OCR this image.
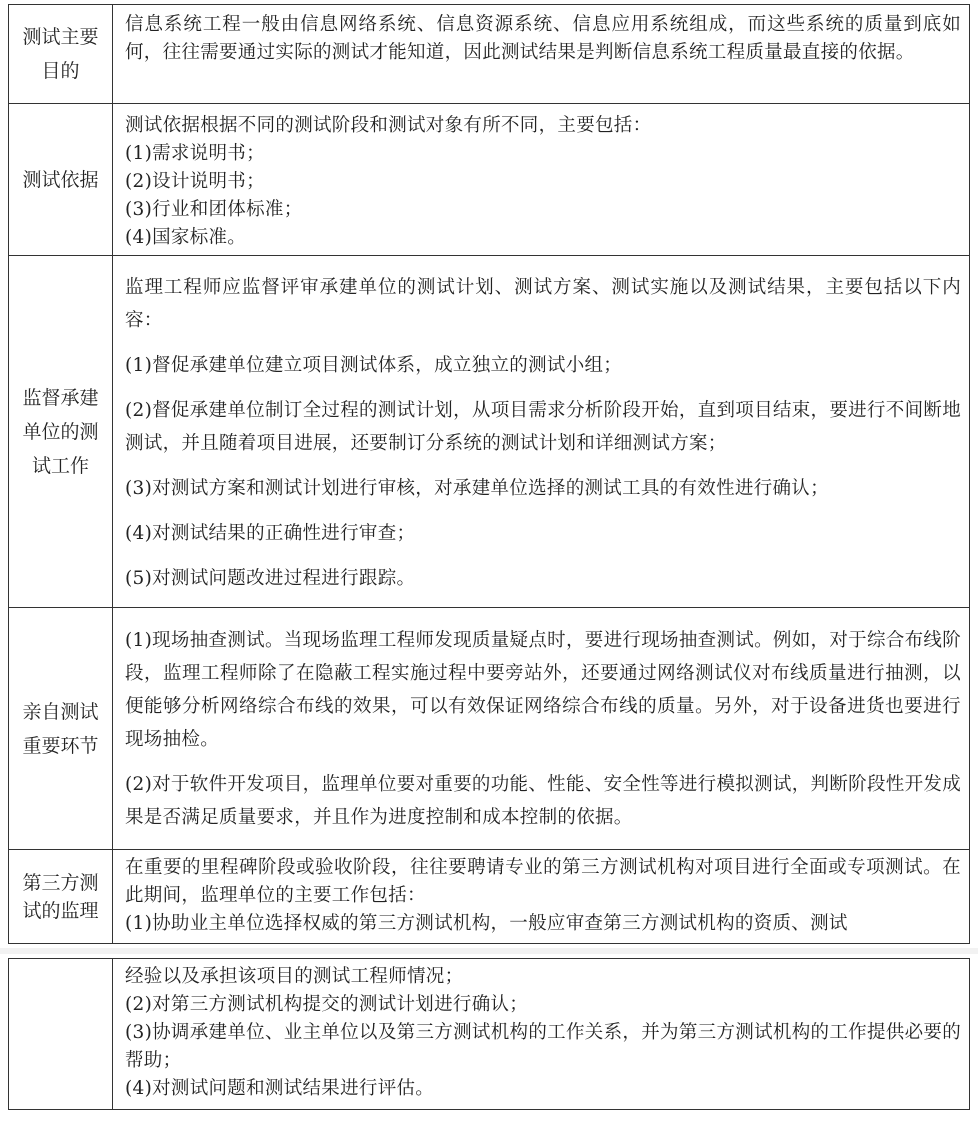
测试主要目的

信息系统工程一般由信息网络系统、信息资源系统、信息应用系统组成，而这些系统的质量到底如何，往往需要通过实际的测试才能知道，因此测试结果是判断信息系统工程质量最直接的依据。

测试依据

测试依据根据不同的测试阶段和测试对象有所不同，主要包括：

(1)需求说明书；

(2)设计说明书；

(3)行业和团体标准；

(4)国家标准。

监督承建单位的测试工作

监理工程师应监督评审承建单位的测试计划、测试方案、测试实施以及测试结果，主要包括以下内容：

(1)督促承建单位建立项目测试体系，成立独立的测试小组；

(2)督促承建单位制订全过程的测试计划，从项目需求分析阶段开始，直到项目结束，要进行不间断地测试，并且随着项目进展，还要制订分系统的测试计划和详细测试方案；

(3)对测试方案和测试计划进行审核，对承建单位选择的测试工具的有效性进行确认；

(4)对测试结果的正确性进行审查；

(5)对测试问题改进过程进行跟踪。

亲自测试重要环节

(1)现场抽查测试。当现场监理工程师发现质量疑点时，要进行现场抽查测试。例如，对于综合布线阶段，监理工程师除了在隐蔽工程实施过程中要旁站外，还要通过网络测试仪对布线质量进行抽测，以便能够分析网络综合布线的效果，可以有效保证网络综合布线的质量。另外，对于设备进货也要进行现场抽检。

(2)对于软件开发项目，监理单位要对重要的功能、性能、安全性等进行模拟测试，判断阶段性开发成果是否满足质量要求，并且作为进度控制和成本控制的依据。

第三方测试的监理

在重要的里程碑阶段或验收阶段，往往要聘请专业的第三方测试机构对项目进行全面或专项测试。在此期间，监理单位的主要工作包括：

(1)协助业主单位选择权威的第三方测试机构，一般应审查第三方测试机构的资质、测试

经验以及承担该项目的测试工程师情况；

(2)对第三方测试机构提交的测试计划进行确认；

(3)协调承建单位、业主单位以及第三方测试机构的工作关系，并为第三方测试机构的工作提供必要的帮助；

(4)对测试问题和测试结果进行评估。
